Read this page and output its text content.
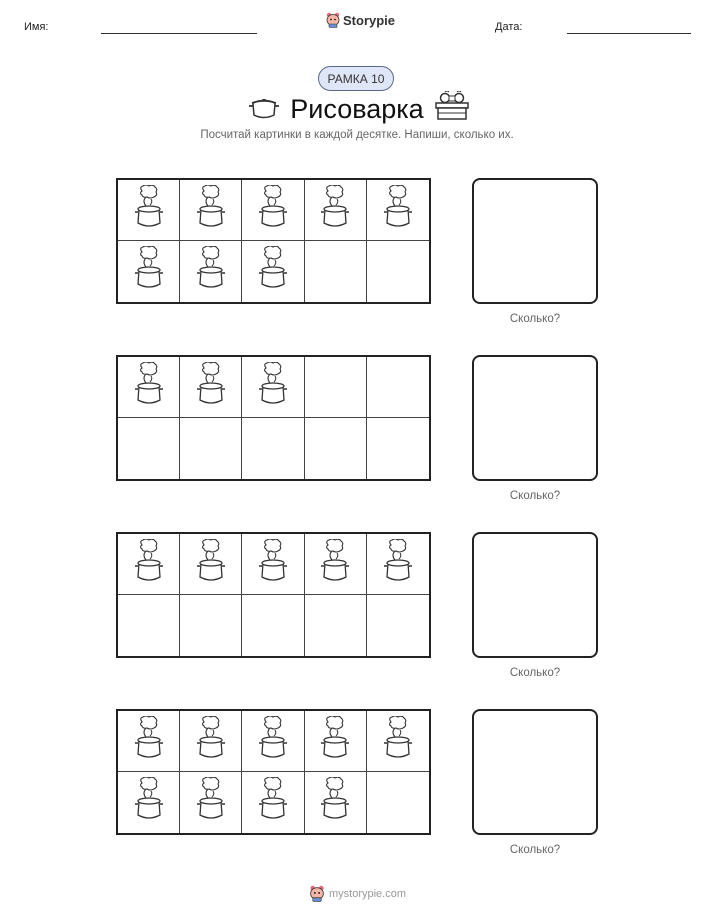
Имя:	Storypie	Дата:
РАМКА 10
Рисоварка
Посчитай картинки в каждой десятке. Напиши, сколько их.
Сколько?
Сколько?
Сколько?
Сколько?
mystorypie.com
